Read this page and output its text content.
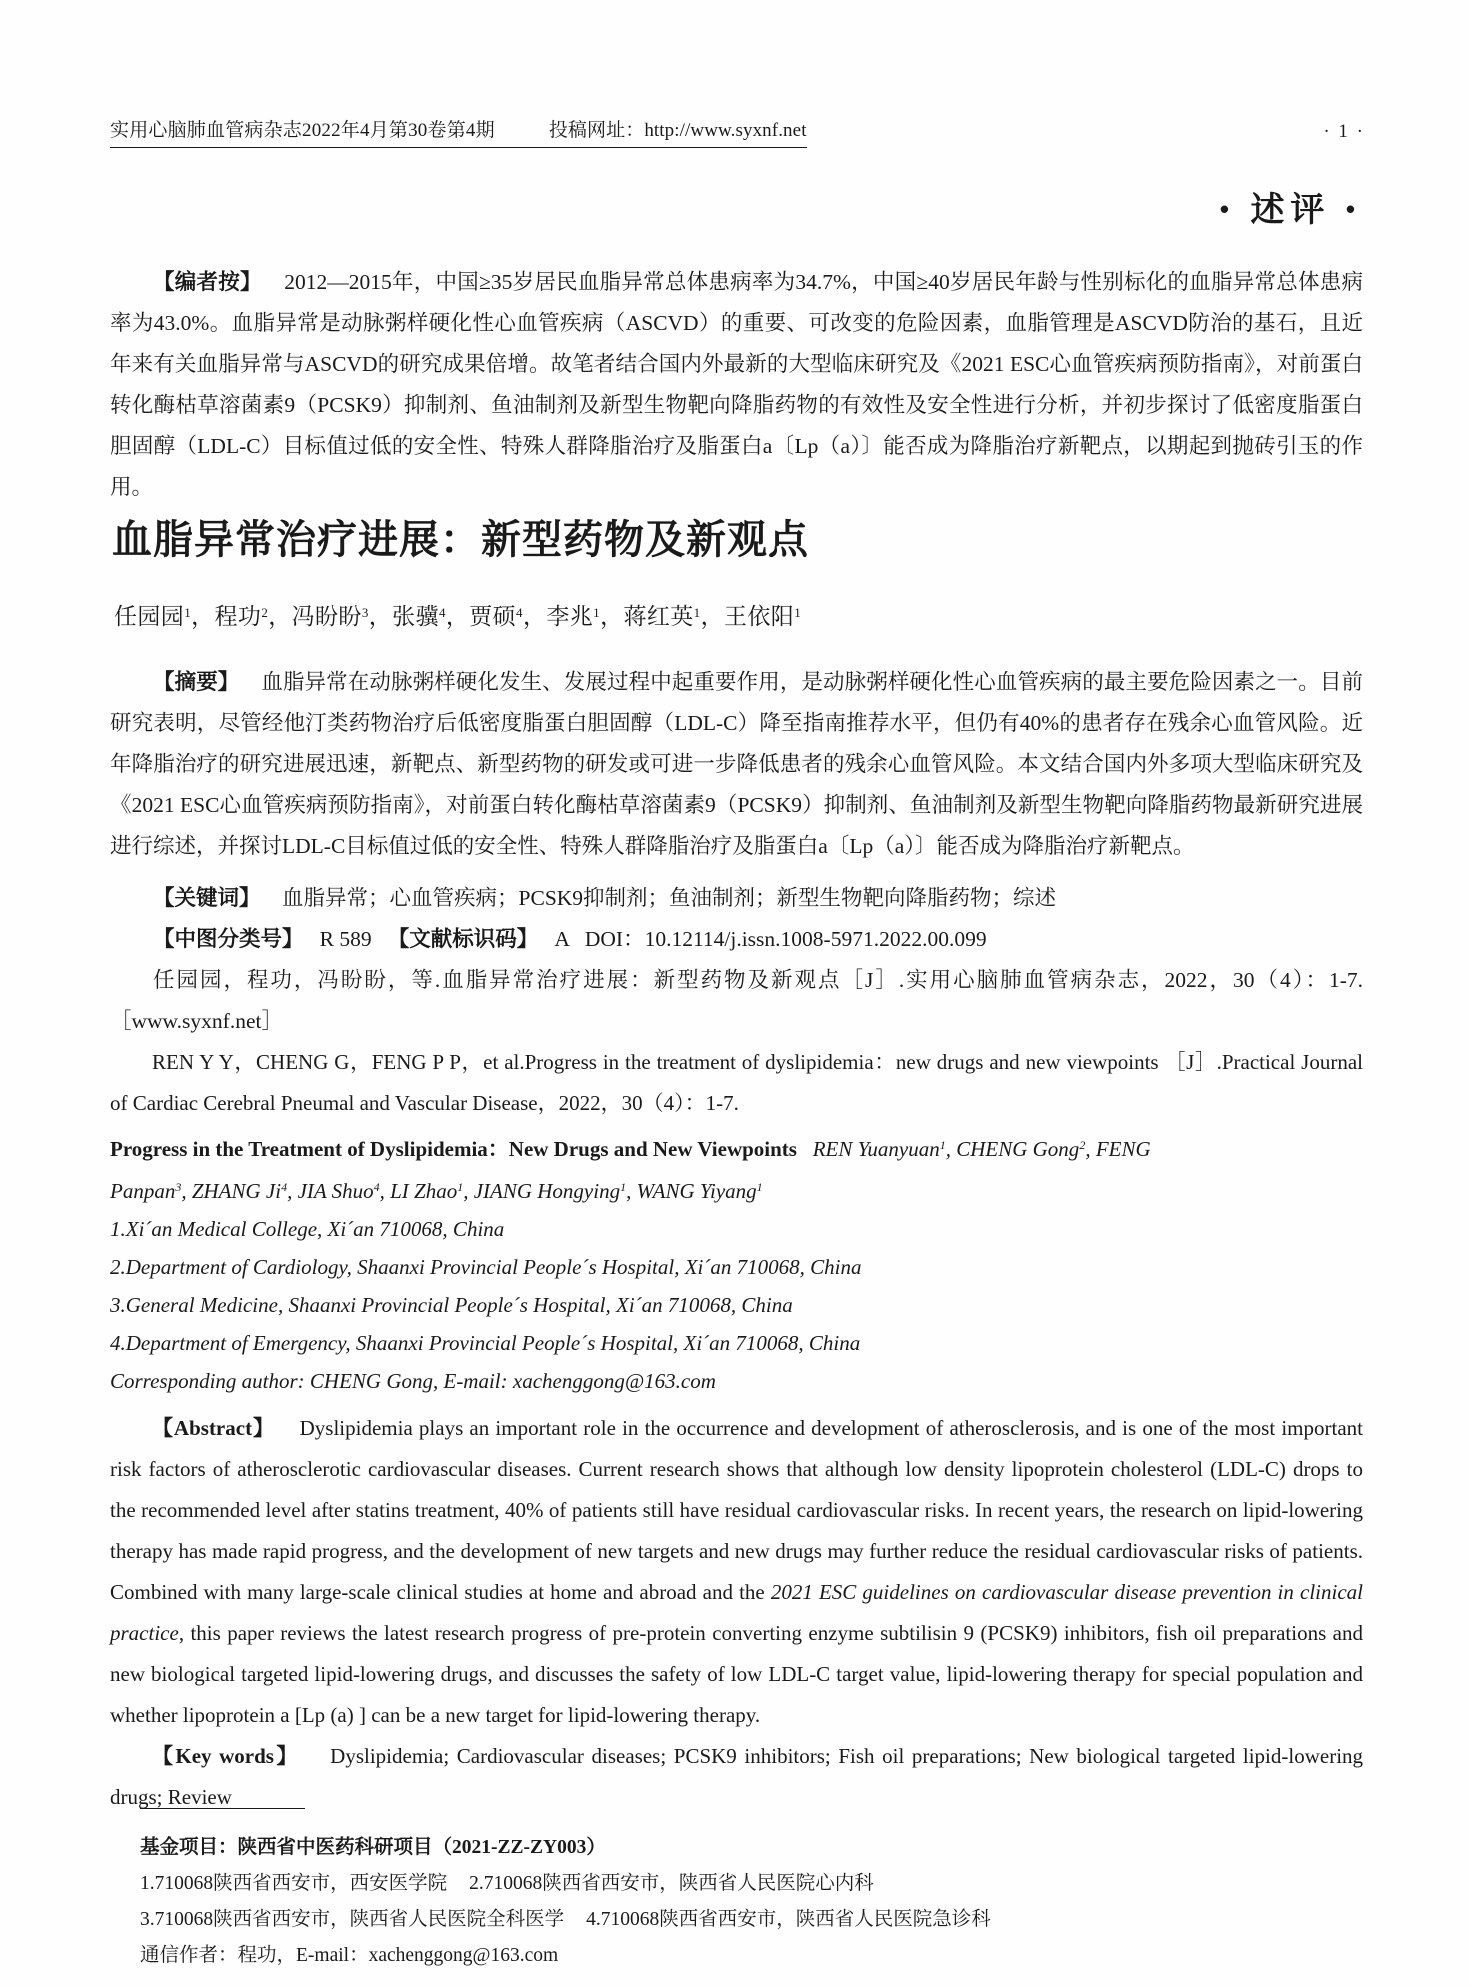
实用心脑肺血管病杂志2022年4月第30卷第4期	投稿网址：http://www.syxnf.net	· 1 ·
• 述评 •
【编者按】 2012—2015年，中国≥35岁居民血脂异常总体患病率为34.7%，中国≥40岁居民年龄与性别标化的血脂异常总体患病率为43.0%。血脂异常是动脉粥样硬化性心血管疾病（ASCVD）的重要、可改变的危险因素，血脂管理是ASCVD防治的基石，且近年来有关血脂异常与ASCVD的研究成果倍增。故笔者结合国内外最新的大型临床研究及《2021 ESC心血管疾病预防指南》，对前蛋白转化酶枯草溶菌素9（PCSK9）抑制剂、鱼油制剂及新型生物靶向降脂药物的有效性及安全性进行分析，并初步探讨了低密度脂蛋白胆固醇（LDL-C）目标值过低的安全性、特殊人群降脂治疗及脂蛋白a〔Lp（a）〕能否成为降脂治疗新靶点，以期起到抛砖引玉的作用。
血脂异常治疗进展：新型药物及新观点
任园园$^1$，程功$^2$，冯盼盼$^3$，张骥$^4$，贾硕$^4$，李兆$^1$，蒋红英$^1$，王依阳$^1$
【摘要】 血脂异常在动脉粥样硬化发生、发展过程中起重要作用，是动脉粥样硬化性心血管疾病的最主要危险因素之一。目前研究表明，尽管经他汀类药物治疗后低密度脂蛋白胆固醇（LDL-C）降至指南推荐水平，但仍有40%的患者存在残余心血管风险。近年降脂治疗的研究进展迅速，新靶点、新型药物的研发或可进一步降低患者的残余心血管风险。本文结合国内外多项大型临床研究及《2021 ESC心血管疾病预防指南》，对前蛋白转化酶枯草溶菌素9（PCSK9）抑制剂、鱼油制剂及新型生物靶向降脂药物最新研究进展进行综述，并探讨LDL-C目标值过低的安全性、特殊人群降脂治疗及脂蛋白a〔Lp（a）〕能否成为降脂治疗新靶点。
【关键词】 血脂异常；心血管疾病；PCSK9抑制剂；鱼油制剂；新型生物靶向降脂药物；综述
【中图分类号】 R 589 【文献标识码】 A DOI：10.12114/j.issn.1008-5971.2022.00.099
任园园，程功，冯盼盼，等.血脂异常治疗进展：新型药物及新观点［J］.实用心脑肺血管病杂志，2022，30（4）：1-7.［www.syxnf.net］
REN Y Y，CHENG G，FENG P P，et al.Progress in the treatment of dyslipidemia：new drugs and new viewpoints ［J］.Practical Journal of Cardiac Cerebral Pneumal and Vascular Disease，2022，30（4）：1-7.
Progress in the Treatment of Dyslipidemia：New Drugs and New Viewpoints   REN Yuanyuan$^1$, CHENG Gong$^2$, FENG
Panpan$^3$, ZHANG Ji$^4$, JIA Shuo$^4$, LI Zhao$^1$, JIANG Hongying$^1$, WANG Yiyang$^1$
1.Xi´an Medical College, Xi´an 710068, China
2.Department of Cardiology, Shaanxi Provincial People´s Hospital, Xi´an 710068, China
3.General Medicine, Shaanxi Provincial People´s Hospital, Xi´an 710068, China
4.Department of Emergency, Shaanxi Provincial People´s Hospital, Xi´an 710068, China
Corresponding author: CHENG Gong, E-mail: xachenggong@163.com
【Abstract】 Dyslipidemia plays an important role in the occurrence and development of atherosclerosis, and is one of the most important risk factors of atherosclerotic cardiovascular diseases. Current research shows that although low density lipoprotein cholesterol (LDL-C) drops to the recommended level after statins treatment, 40% of patients still have residual cardiovascular risks. In recent years, the research on lipid-lowering therapy has made rapid progress, and the development of new targets and new drugs may further reduce the residual cardiovascular risks of patients. Combined with many large-scale clinical studies at home and abroad and the 2021 ESC guidelines on cardiovascular disease prevention in clinical practice, this paper reviews the latest research progress of pre-protein converting enzyme subtilisin 9 (PCSK9) inhibitors, fish oil preparations and new biological targeted lipid-lowering drugs, and discusses the safety of low LDL-C target value, lipid-lowering therapy for special population and whether lipoprotein a [Lp (a) ] can be a new target for lipid-lowering therapy.
【Key words】 Dyslipidemia; Cardiovascular diseases; PCSK9 inhibitors; Fish oil preparations; New biological targeted lipid-lowering drugs; Review
基金项目：陕西省中医药科研项目（2021-ZZ-ZY003）
1.710068陕西省西安市，西安医学院 2.710068陕西省西安市，陕西省人民医院心内科
3.710068陕西省西安市，陕西省人民医院全科医学 4.710068陕西省西安市，陕西省人民医院急诊科
通信作者：程功，E-mail：xachenggong@163.com
